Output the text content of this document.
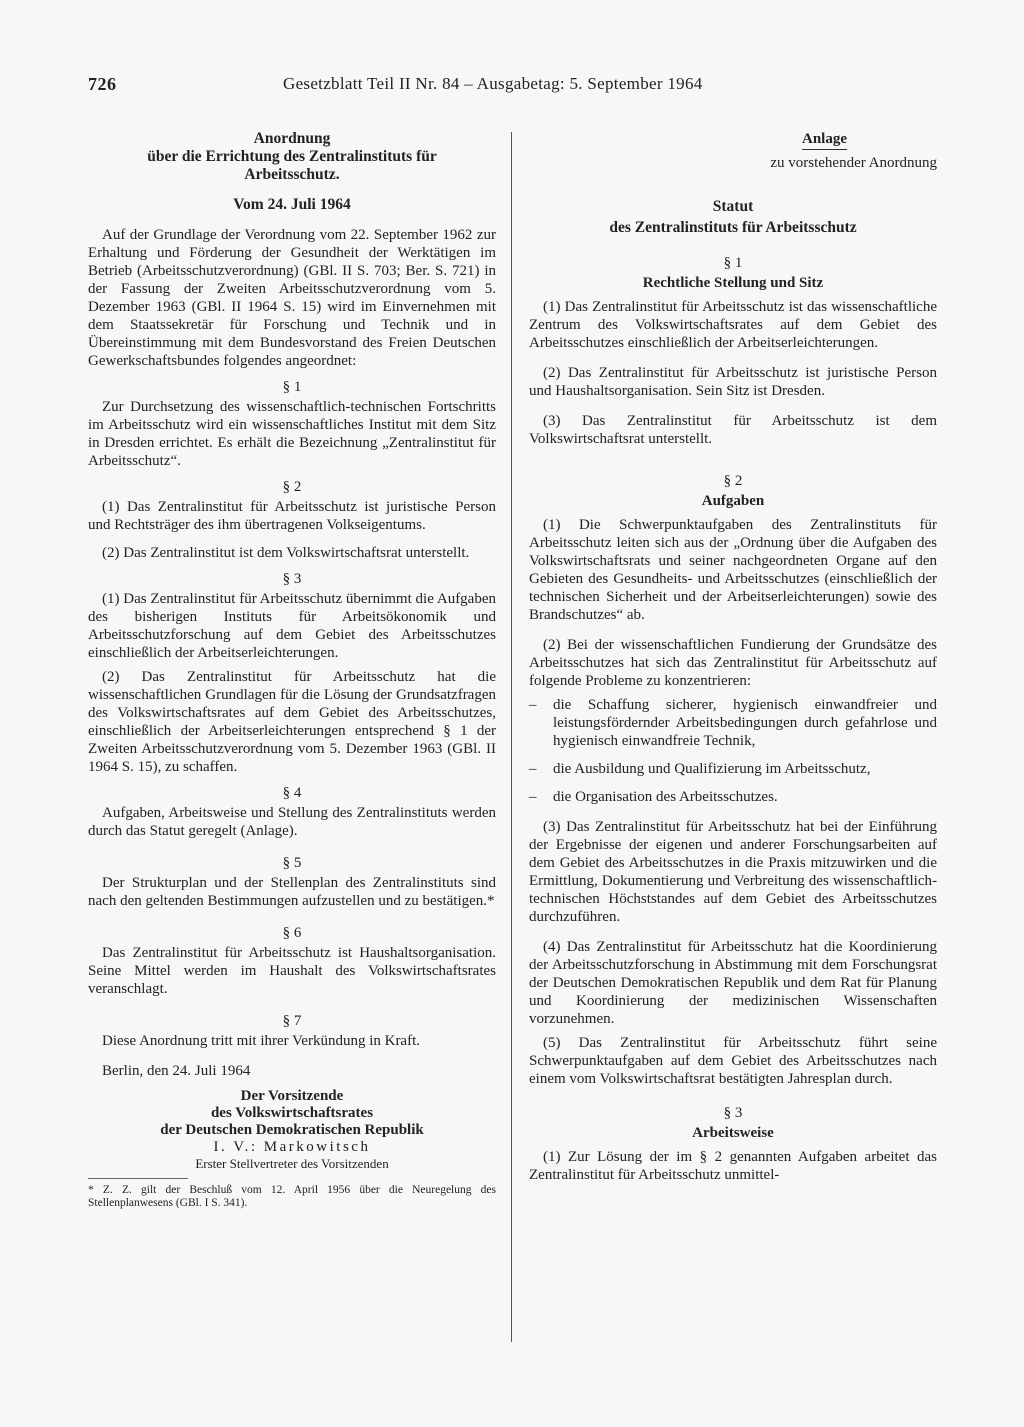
726	Gesetzblatt Teil II Nr. 84 – Ausgabetag: 5. September 1964
Anordnung
über die Errichtung des Zentralinstituts für
Arbeitsschutz.
Vom 24. Juli 1964

Auf der Grundlage der Verordnung vom 22. September 1962 zur Erhaltung und Förderung der Gesundheit der Werktätigen im Betrieb (Arbeitsschutzverordnung) (GBl. II S. 703; Ber. S. 721) in der Fassung der Zweiten Arbeitsschutzverordnung vom 5. Dezember 1963 (GBl. II 1964 S. 15) wird im Einvernehmen mit dem Staatssekretär für Forschung und Technik und in Übereinstimmung mit dem Bundesvorstand des Freien Deutschen Gewerkschaftsbundes folgendes angeordnet:

§ 1

Zur Durchsetzung des wissenschaftlich-technischen Fortschritts im Arbeitsschutz wird ein wissenschaftliches Institut mit dem Sitz in Dresden errichtet. Es erhält die Bezeichnung „Zentralinstitut für Arbeitsschutz“.

§ 2

(1) Das Zentralinstitut für Arbeitsschutz ist juristische Person und Rechtsträger des ihm übertragenen Volkseigentums.

(2) Das Zentralinstitut ist dem Volkswirtschaftsrat unterstellt.

§ 3

(1) Das Zentralinstitut für Arbeitsschutz übernimmt die Aufgaben des bisherigen Instituts für Arbeitsökonomik und Arbeitsschutzforschung auf dem Gebiet des Arbeitsschutzes einschließlich der Arbeitserleichterungen.

(2) Das Zentralinstitut für Arbeitsschutz hat die wissenschaftlichen Grundlagen für die Lösung der Grundsatzfragen des Volkswirtschaftsrates auf dem Gebiet des Arbeitsschutzes, einschließlich der Arbeitserleichterungen entsprechend § 1 der Zweiten Arbeitsschutzverordnung vom 5. Dezember 1963 (GBl. II 1964 S. 15), zu schaffen.

§ 4

Aufgaben, Arbeitsweise und Stellung des Zentralinstituts werden durch das Statut geregelt (Anlage).

§ 5

Der Strukturplan und der Stellenplan des Zentralinstituts sind nach den geltenden Bestimmungen aufzustellen und zu bestätigen.*

§ 6

Das Zentralinstitut für Arbeitsschutz ist Haushaltsorganisation. Seine Mittel werden im Haushalt des Volkswirtschaftsrates veranschlagt.

§ 7

Diese Anordnung tritt mit ihrer Verkündung in Kraft.

Berlin, den 24. Juli 1964

Der Vorsitzende
des Volkswirtschaftsrates
der Deutschen Demokratischen Republik
I. V.: Markowitsch
Erster Stellvertreter des Vorsitzenden

* Z. Z. gilt der Beschluß vom 12. April 1956 über die Neuregelung des Stellenplanwesens (GBl. I S. 341).

Anlage
zu vorstehender Anordnung
Statut
des Zentralinstituts für Arbeitsschutz
§ 1
Rechtliche Stellung und Sitz

(1) Das Zentralinstitut für Arbeitsschutz ist das wissenschaftliche Zentrum des Volkswirtschaftsrates auf dem Gebiet des Arbeitsschutzes einschließlich der Arbeitserleichterungen.

(2) Das Zentralinstitut für Arbeitsschutz ist juristische Person und Haushaltsorganisation. Sein Sitz ist Dresden.

(3) Das Zentralinstitut für Arbeitsschutz ist dem Volkswirtschaftsrat unterstellt.

§ 2
Aufgaben

(1) Die Schwerpunktaufgaben des Zentralinstituts für Arbeitsschutz leiten sich aus der „Ordnung über die Aufgaben des Volkswirtschaftsrats und seiner nachgeordneten Organe auf den Gebieten des Gesundheits- und Arbeitsschutzes (einschließlich der technischen Sicherheit und der Arbeitserleichterungen) sowie des Brandschutzes“ ab.

(2) Bei der wissenschaftlichen Fundierung der Grundsätze des Arbeitsschutzes hat sich das Zentralinstitut für Arbeitsschutz auf folgende Probleme zu konzentrieren:

– die Schaffung sicherer, hygienisch einwandfreier und leistungsfördernder Arbeitsbedingungen durch gefahrlose und hygienisch einwandfreie Technik,
– die Ausbildung und Qualifizierung im Arbeitsschutz,
– die Organisation des Arbeitsschutzes.

(3) Das Zentralinstitut für Arbeitsschutz hat bei der Einführung der Ergebnisse der eigenen und anderer Forschungsarbeiten auf dem Gebiet des Arbeitsschutzes in die Praxis mitzuwirken und die Ermittlung, Dokumentierung und Verbreitung des wissenschaftlich-technischen Höchststandes auf dem Gebiet des Arbeitsschutzes durchzuführen.

(4) Das Zentralinstitut für Arbeitsschutz hat die Koordinierung der Arbeitsschutzforschung in Abstimmung mit dem Forschungsrat der Deutschen Demokratischen Republik und dem Rat für Planung und Koordinierung der medizinischen Wissenschaften vorzunehmen.

(5) Das Zentralinstitut für Arbeitsschutz führt seine Schwerpunktaufgaben auf dem Gebiet des Arbeitsschutzes nach einem vom Volkswirtschaftsrat bestätigten Jahresplan durch.

§ 3
Arbeitsweise

(1) Zur Lösung der im § 2 genannten Aufgaben arbeitet das Zentralinstitut für Arbeitsschutz unmittel-
